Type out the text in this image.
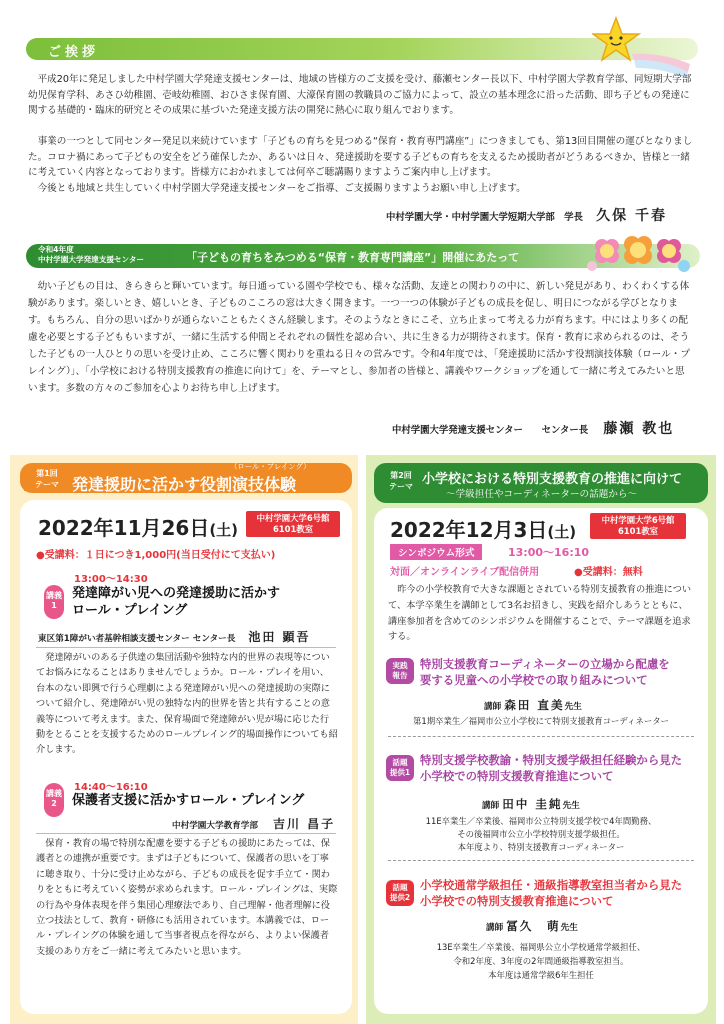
ご挨拶
平成20年に発足しました中村学園大学発達支援センターは、地域の皆様方のご支援を受け、藤瀬センター長以下、中村学園大学教育学部、同短期大学部幼児保育学科、あさひ幼稚園、壱岐幼稚園、おひさま保育園、大濠保育園の教職員のご協力によって、設立の基本理念に沿った活動、即ち子どもの発達に関する基礎的・臨床的研究とその成果に基づいた発達支援方法の開発に熱心に取り組んでおります。
事業の一つとして同センター発足以来続けています「子どもの育ちを見つめる“保育・教育専門講座”」につきましても、第13回目開催の運びとなりました。コロナ禍にあって子どもの安全をどう確保したか、あるいは日々、発達援助を要する子どもの育ちを支えるため援助者がどうあるべきか、皆様と一緒に考えていく内容となっております。皆様方におかれましては何卒ご聴講賜りますようご案内申し上げます。
今後とも地域と共生していく中村学園大学発達支援センターをご指導、ご支援賜りますようお願い申し上げます。
中村学園大学・中村学園大学短期大学部　学長 久保 千春
令和4年度
中村学園大学発達支援センター	「子どもの育ちをみつめる“保育・教育専門講座”」開催にあたって
幼い子どもの目は、きらきらと輝いています。毎日通っている園や学校でも、様々な活動、友達との関わりの中に、新しい発見があり、わくわくする体験があります。楽しいとき、嬉しいとき、子どものこころの窓は大きく開きます。一つ一つの体験が子どもの成長を促し、明日につながる学びとなります。もちろん、自分の思いばかりが通らないこともたくさん経験します。そのようなときにこそ、立ち止まって考える力が育ちます。中にはより多くの配慮を必要とする子どももいますが、一緒に生活する仲間とそれぞれの個性を認め合い、共に生きる力が期待されます。保育・教育に求められるのは、そうした子どもの一人ひとりの思いを受け止め、こころに響く関わりを重ねる日々の営みです。令和4年度では、「発達援助に活かす役割演技体験（ロール・プレイング）」、「小学校における特別支援教育の推進に向けて」を、テーマとし、参加者の皆様と、講義やワークショップを通して一緒に考えてみたいと思います。多数の方々のご参加を心よりお待ち申し上げます。
中村学園大学発達支援センター　　センター長 藤瀬 教也
第1回
テーマ
（ロール・プレイング）
発達援助に活かす役割演技体験
2022年11月26日(土)
中村学園大学6号館
6101教室
●受講料：１日につき1,000円(当日受付にて支払い)
講義
1
13:00～14:30
発達障がい児への発達援助に活かす
ロール・プレイング
東区第1障がい者基幹相談支援センター センター長 池田 顕吾
発達障がいのある子供達の集団活動や独特な内的世界の表現等についてお悩みになることはありませんでしょうか。ロール・プレイを用い、台本のない即興で行う心理劇による発達障がい児への発達援助の実際について紹介し、発達障がい児の独特な内的世界を皆と共有することの意義等について考えます。また、保育場面で発達障がい児が場に応じた行動をとることを支援するためのロールプレイング的場面操作についても紹介します。
講義
2
14:40～16:10
保護者支援に活かすロール・プレイング
中村学園大学教育学部 吉川 昌子
保育・教育の場で特別な配慮を要する子どもの援助にあたっては、保護者との連携が重要です。まずは子どもについて、保護者の思いを丁寧に聴き取り、十分に受け止めながら、子どもの成長を促す手立て・関わりをともに考えていく姿勢が求められます。ロール・プレイングは、実際の行為や身体表現を伴う集団心理療法であり、自己理解・他者理解に役立つ技法として、教育・研修にも活用されています。本講義では、ロール・プレイングの体験を通して当事者視点を得ながら、よりよい保護者支援のあり方をご一緒に考えてみたいと思います。
第2回
テーマ 小学校における特別支援教育の推進に向けて
～学級担任やコーディネーターの話題から～
2022年12月3日(土)
中村学園大学6号館
6101教室
シンポジウム形式	13:00～16:10
対面／オンラインライブ配信併用	●受講料：無料
昨今の小学校教育で大きな課題とされている特別支援教育の推進について、本学卒業生を講師として3名お招きし、実践を紹介しあうとともに、講座参加者を含めてのシンポジウムを開催することで、テーマ課題を追求する。
実践
報告
特別支援教育コーディネーターの立場から配慮を
要する児童への小学校での取り組みについて
講師 森田 直美先生
第1期卒業生／福岡市公立小学校にて特別支援教育コーディネーター
話題
提供1
特別支援学校教諭・特別支援学級担任経験から見た
小学校での特別支援教育推進について
講師 田中 圭純先生
11E卒業生／卒業後、福岡市公立特別支援学校で4年間勤務、
その後福岡市公立小学校特別支援学級担任。
本年度より、特別支援教育コーディネーター
話題
提供2
小学校通常学級担任・通級指導教室担当者から見た
小学校での特別支援教育推進について
講師 冨久　萌先生
13E卒業生／卒業後、福岡県公立小学校通常学級担任、
令和2年度、3年度の2年間通級指導教室担当。
本年度は通常学級6年生担任
